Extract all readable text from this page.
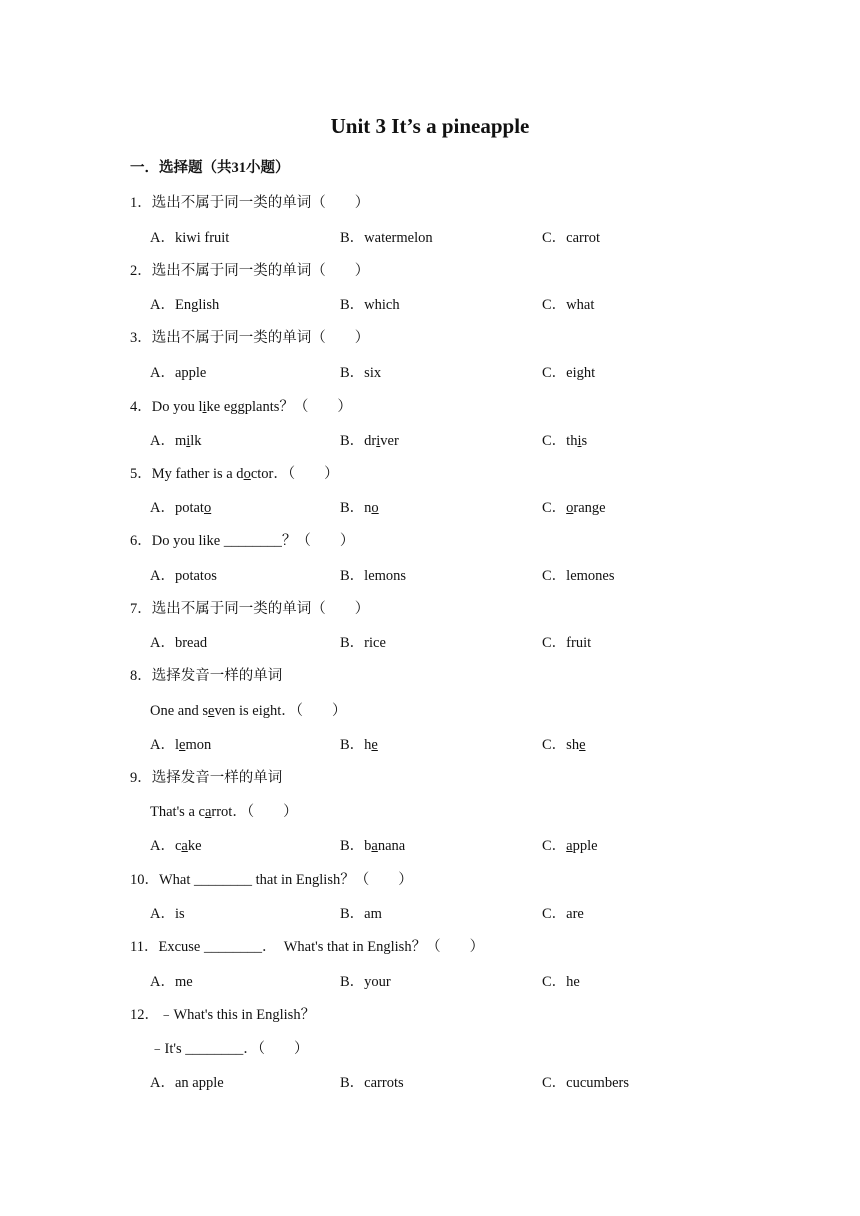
Unit 3 It’s a pineapple
一．选择题（共31小题）
1．选出不属于同一类的单词（　　）
A．kiwi fruit	B．watermelon	C．carrot
2．选出不属于同一类的单词（　　）
A．English	B．which	C．what
3．选出不属于同一类的单词（　　）
A．apple	B．six	C．eight
4．Do you like eggplants？（　　）
A．milk	B．driver	C．this
5．My father is a doctor．（　　）
A．potato	B．no	C．orange
6．Do you like ________？（　　）
A．potatos	B．lemons	C．lemones
7．选出不属于同一类的单词（　　）
A．bread	B．rice	C．fruit
8．选择发音一样的单词
One and seven is eight．（　　）
A．lemon	B．he	C．she
9．选择发音一样的单词
That's a carrot．（　　）
A．cake	B．banana	C．apple
10．What ________ that in English？（　　）
A．is	B．am	C．are
11．Excuse ________．　What's that in English？（　　）
A．me	B．your	C．he
12．﹣What's this in English？
﹣It's ________．（　　）
A．an apple	B．carrots	C．cucumbers
